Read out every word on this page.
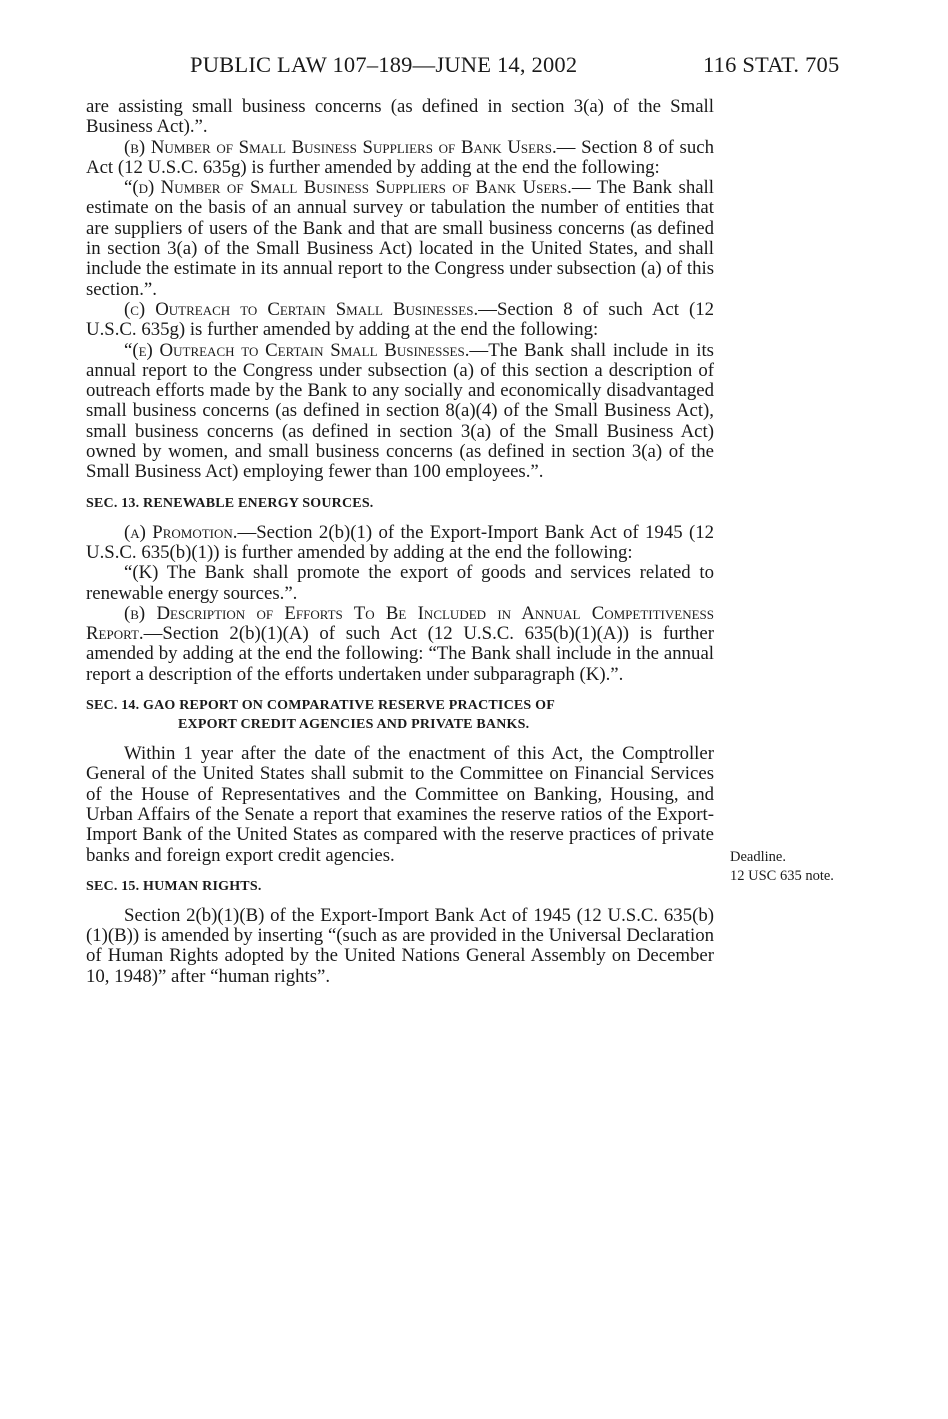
PUBLIC LAW 107–189—JUNE 14, 2002	116 STAT. 705

are assisting small business concerns (as defined in section 3(a) of the Small Business Act).”.

(b) Number of Small Business Suppliers of Bank Users.— Section 8 of such Act (12 U.S.C. 635g) is further amended by adding at the end the following:

“(d) Number of Small Business Suppliers of Bank Users.— The Bank shall estimate on the basis of an annual survey or tabulation the number of entities that are suppliers of users of the Bank and that are small business concerns (as defined in section 3(a) of the Small Business Act) located in the United States, and shall include the estimate in its annual report to the Congress under subsection (a) of this section.”.

(c) Outreach to Certain Small Businesses.—Section 8 of such Act (12 U.S.C. 635g) is further amended by adding at the end the following:

“(e) Outreach to Certain Small Businesses.—The Bank shall include in its annual report to the Congress under subsection (a) of this section a description of outreach efforts made by the Bank to any socially and economically disadvantaged small business concerns (as defined in section 8(a)(4) of the Small Business Act), small business concerns (as defined in section 3(a) of the Small Business Act) owned by women, and small business concerns (as defined in section 3(a) of the Small Business Act) employing fewer than 100 employees.”.

SEC. 13. RENEWABLE ENERGY SOURCES.

(a) Promotion.—Section 2(b)(1) of the Export-Import Bank Act of 1945 (12 U.S.C. 635(b)(1)) is further amended by adding at the end the following:

“(K) The Bank shall promote the export of goods and services related to renewable energy sources.”.

(b) Description of Efforts To Be Included in Annual Competitiveness Report.—Section 2(b)(1)(A) of such Act (12 U.S.C. 635(b)(1)(A)) is further amended by adding at the end the following: “The Bank shall include in the annual report a description of the efforts undertaken under subparagraph (K).”.

SEC. 14. GAO REPORT ON COMPARATIVE RESERVE PRACTICES OF
EXPORT CREDIT AGENCIES AND PRIVATE BANKS.

Within 1 year after the date of the enactment of this Act, the Comptroller General of the United States shall submit to the Committee on Financial Services of the House of Representatives and the Committee on Banking, Housing, and Urban Affairs of the Senate a report that examines the reserve ratios of the Export-Import Bank of the United States as compared with the reserve practices of private banks and foreign export credit agencies.

SEC. 15. HUMAN RIGHTS.

Section 2(b)(1)(B) of the Export-Import Bank Act of 1945 (12 U.S.C. 635(b)(1)(B)) is amended by inserting “(such as are provided in the Universal Declaration of Human Rights adopted by the United Nations General Assembly on December 10, 1948)” after “human rights”.

Deadline.
12 USC 635 note.
